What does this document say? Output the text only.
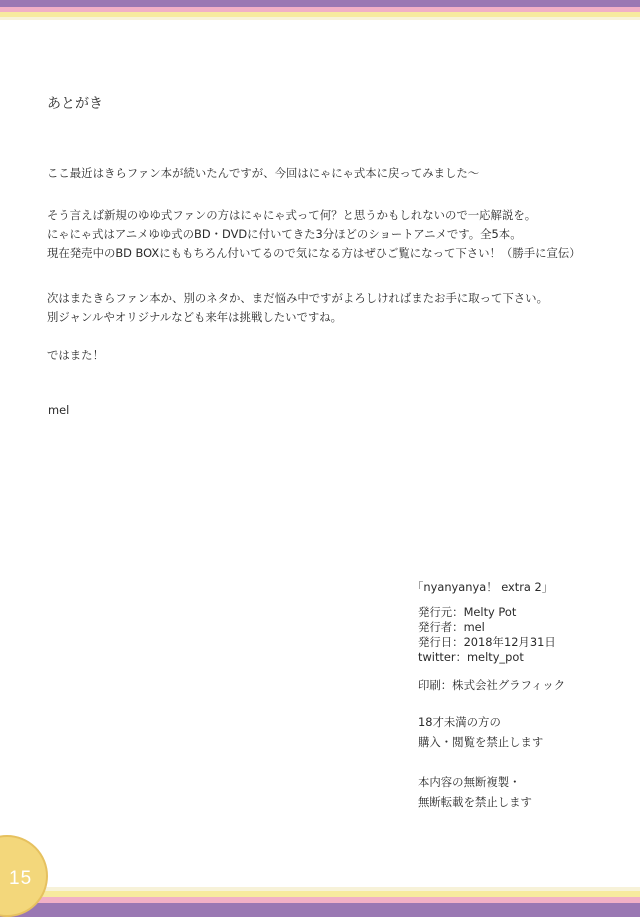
あとがき
ここ最近はきらファン本が続いたんですが、今回はにゃにゃ式本に戻ってみました～
そう言えば新規のゆゆ式ファンの方はにゃにゃ式って何？と思うかもしれないので一応解説を。
にゃにゃ式はアニメゆゆ式のBD・DVDに付いてきた3分ほどのショートアニメです。全5本。
現在発売中のBD BOXにももちろん付いてるので気になる方はぜひご覧になって下さい！（勝手に宣伝）
次はまたきらファン本か、別のネタか、まだ悩み中ですがよろしければまたお手に取って下さい。
別ジャンルやオリジナルなども来年は挑戦したいですね。
ではまた！
mel
「nyanyanya！ extra 2」
発行元：Melty Pot
発行者：mel
発行日：2018年12月31日
twitter：melty_pot
印刷：株式会社グラフィック
18才未満の方の
購入・閲覧を禁止します
本内容の無断複製・
無断転載を禁止します
15
